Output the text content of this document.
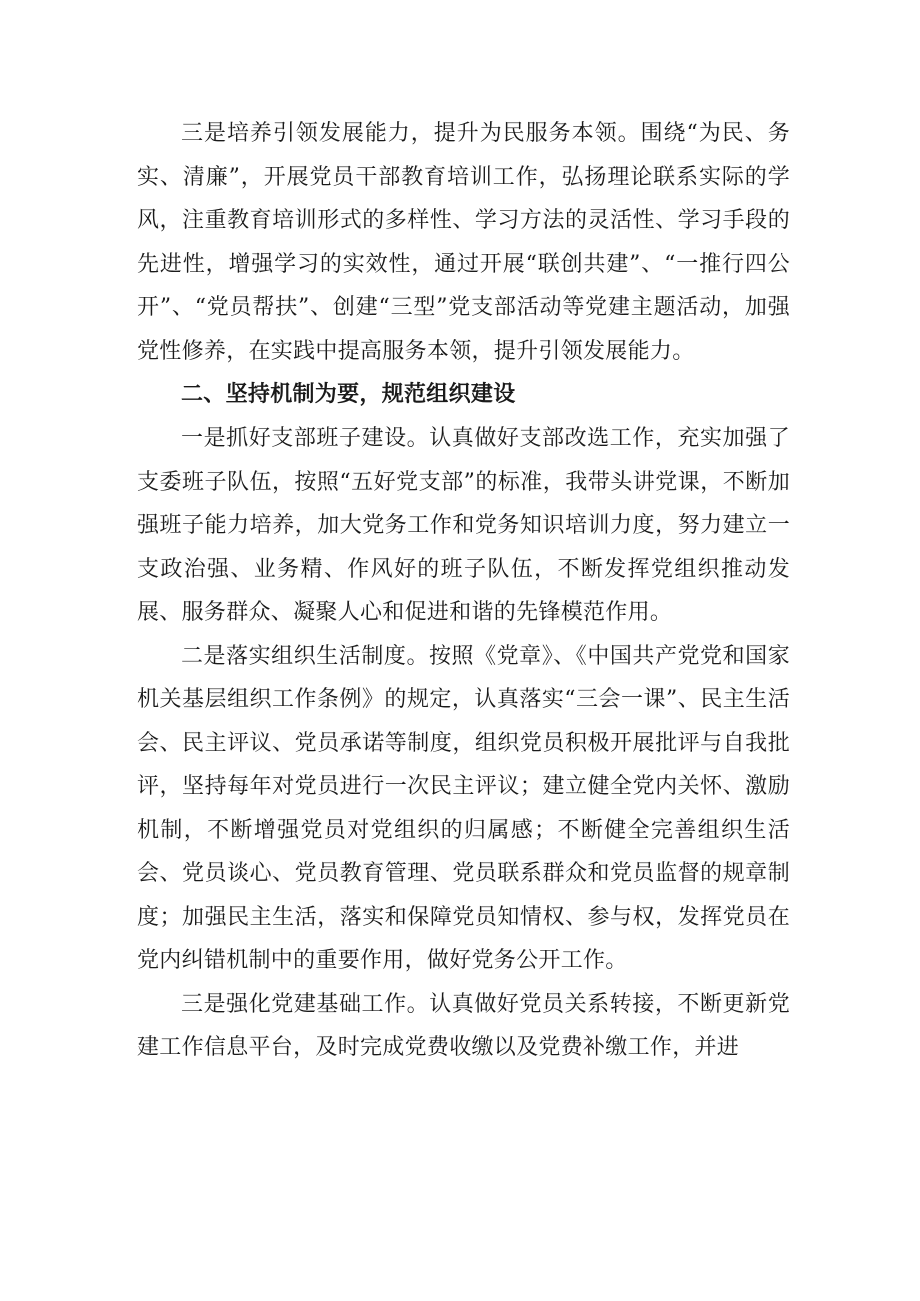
三是培养引领发展能力，提升为民服务本领。围绕“为民、务实、清廉”，开展党员干部教育培训工作，弘扬理论联系实际的学风，注重教育培训形式的多样性、学习方法的灵活性、学习手段的先进性，增强学习的实效性，通过开展“联创共建”、“一推行四公开”、“党员帮扶”、创建“三型”党支部活动等党建主题活动，加强党性修养，在实践中提高服务本领，提升引领发展能力。

二、坚持机制为要，规范组织建设

一是抓好支部班子建设。认真做好支部改选工作，充实加强了支委班子队伍，按照“五好党支部”的标准，我带头讲党课，不断加强班子能力培养，加大党务工作和党务知识培训力度，努力建立一支政治强、业务精、作风好的班子队伍，不断发挥党组织推动发展、服务群众、凝聚人心和促进和谐的先锋模范作用。

二是落实组织生活制度。按照《党章》、《中国共产党党和国家机关基层组织工作条例》的规定，认真落实“三会一课”、民主生活会、民主评议、党员承诺等制度，组织党员积极开展批评与自我批评，坚持每年对党员进行一次民主评议；建立健全党内关怀、激励机制，不断增强党员对党组织的归属感；不断健全完善组织生活会、党员谈心、党员教育管理、党员联系群众和党员监督的规章制度；加强民主生活，落实和保障党员知情权、参与权，发挥党员在党内纠错机制中的重要作用，做好党务公开工作。

三是强化党建基础工作。认真做好党员关系转接，不断更新党建工作信息平台，及时完成党费收缴以及党费补缴工作，并进
